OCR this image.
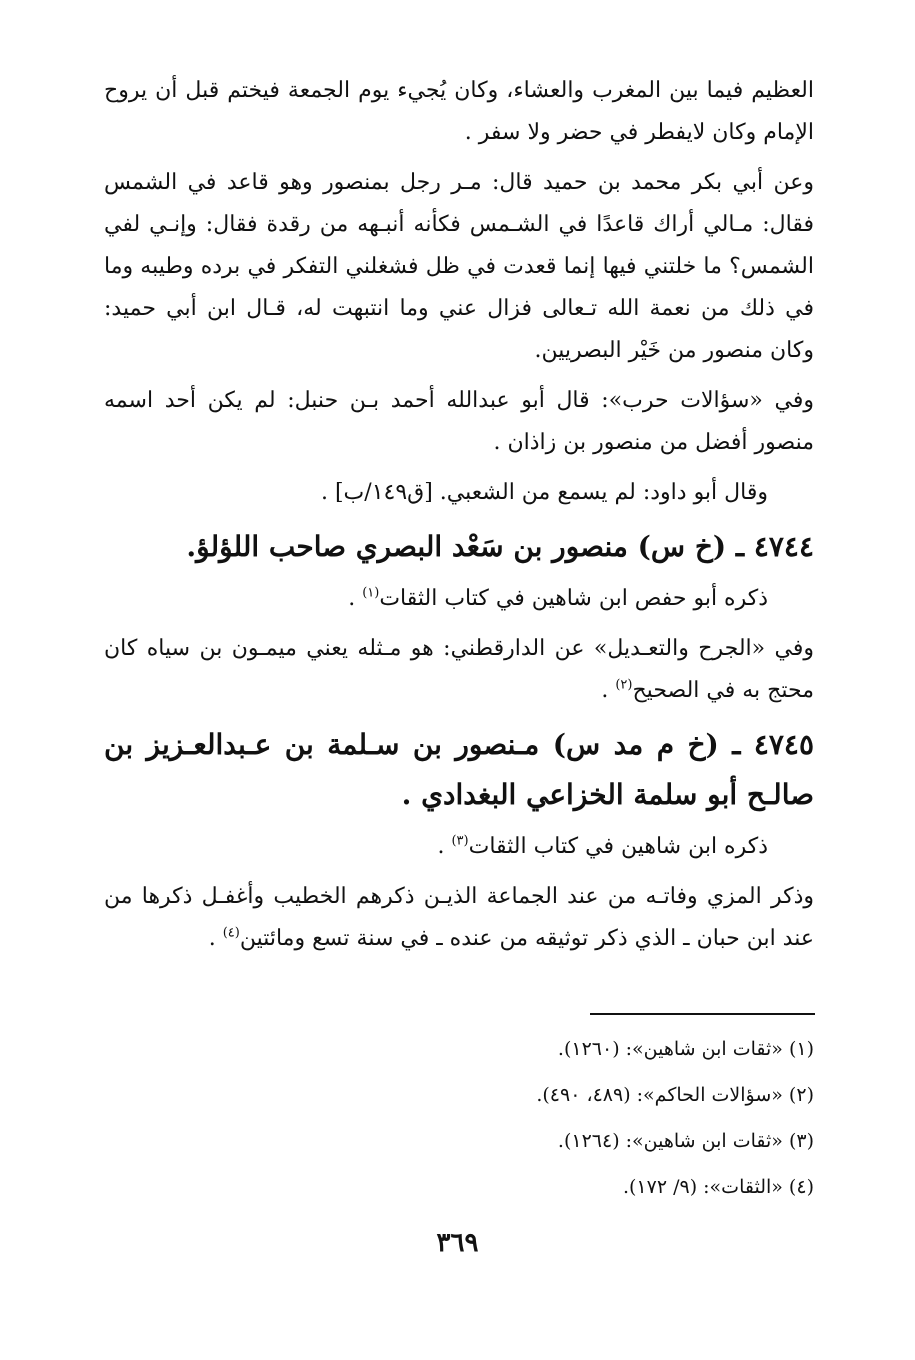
العظيم فيما بين المغرب والعشاء، وكان يُجيء يوم الجمعة فيختم قبل أن يروح الإمام وكان لايفطر في حضر ولا سفر .

وعن أبي بكر محمد بن حميد قال: مـر رجل بمنصور وهو قاعد في الشمس فقال: مـالي أراك قاعدًا في الشـمس فكأنه أنبـهه من رقدة فقال: وإنـي لفي الشمس؟ ما خلتني فيها إنما قعدت في ظل فشغلني التفكر في برده وطيبه وما في ذلك من نعمة الله تـعالى فزال عني وما انتبهت له، قـال ابن أبي حميد: وكان منصور من خَيْر البصريين.

وفي «سؤالات حرب»: قال أبو عبدالله أحمد بـن حنبل: لم يكن أحد اسمه منصور أفضل من منصور بن زاذان .

وقال أبو داود: لم يسمع من الشعبي. [ق١٤٩/ب] .

٤٧٤٤ ـ (خ س) منصور بن سَعْد البصري صاحب اللؤلؤ.

ذكره أبو حفص ابن شاهين في كتاب الثقات$^{(١)}$ .

وفي «الجرح والتعـديل» عن الدارقطني: هو مـثله يعني ميمـون بن سياه كان محتج به في الصحيح$^{(٢)}$ .

٤٧٤٥ ـ (خ م مد س) مـنصور بن سـلمة بن عـبدالعـزيز بن صالـح أبو سلمة الخزاعي البغدادي .

ذكره ابن شاهين في كتاب الثقات$^{(٣)}$ .

وذكر المزي وفاتـه من عند الجماعة الذيـن ذكرهم الخطيب وأغفـل ذكرها من عند ابن حبان ـ الذي ذكر توثيقه من عنده ـ في سنة تسع ومائتين$^{(٤)}$ .

(١) «ثقات ابن شاهين»: (١٢٦٠).

(٢) «سؤالات الحاكم»: (٤٨٩، ٤٩٠).

(٣) «ثقات ابن شاهين»: (١٢٦٤).

(٤) «الثقات»: (٩/ ١٧٢).

٣٦٩
